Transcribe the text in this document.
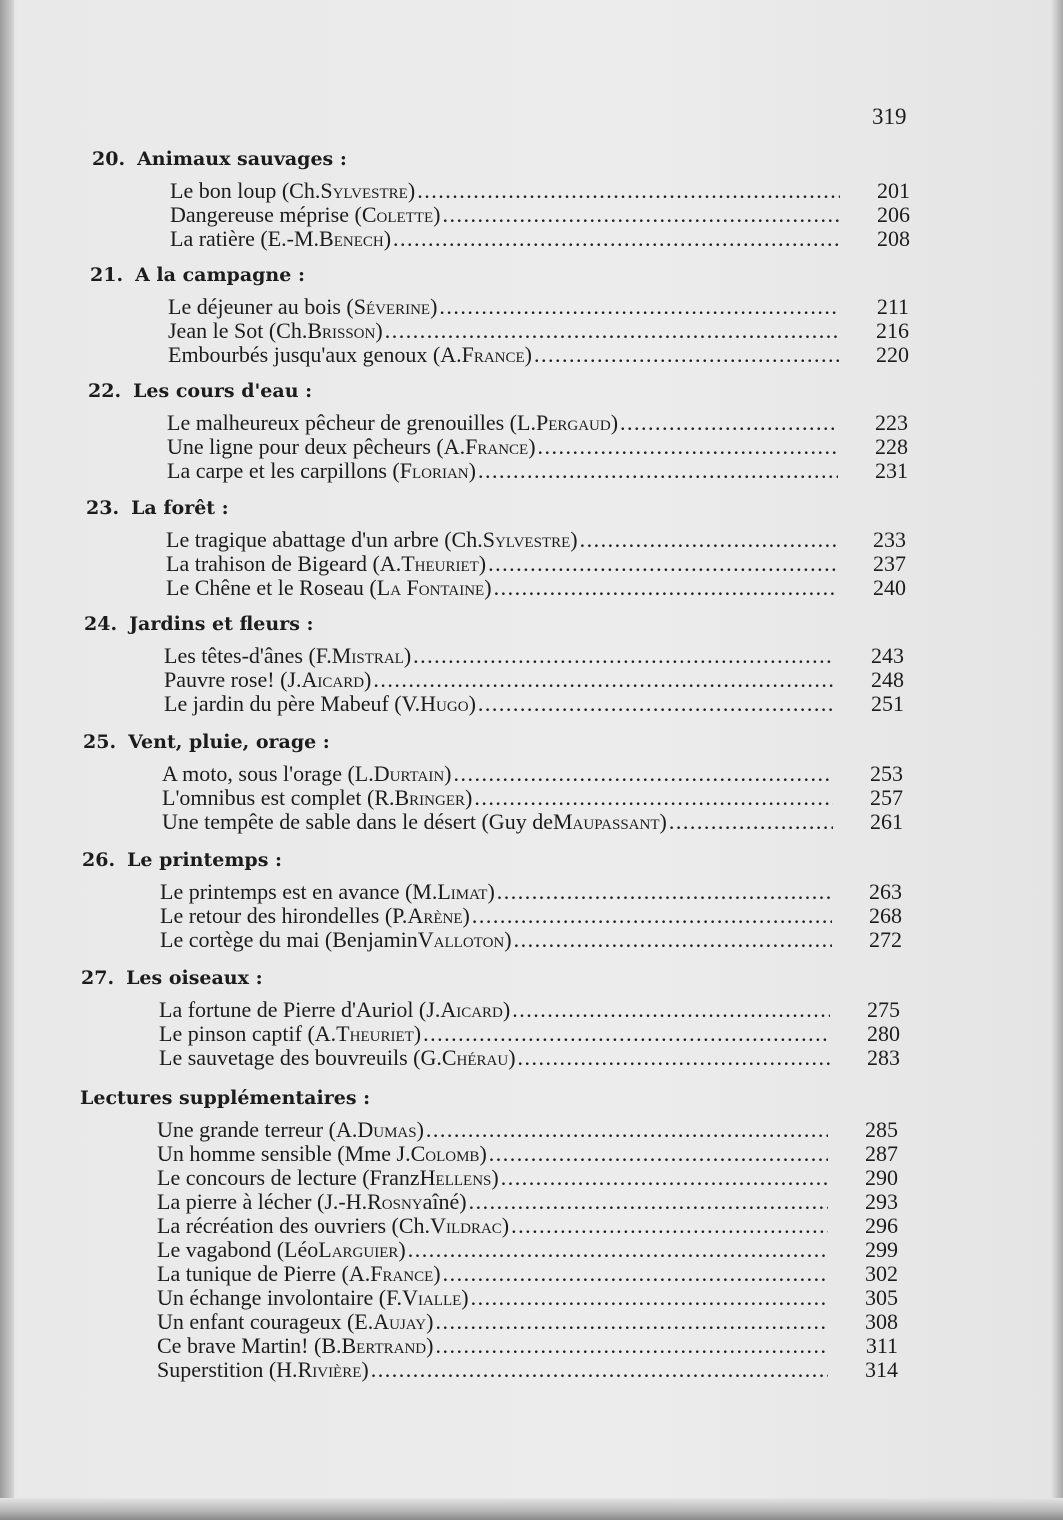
319
20. Animaux sauvages :
Le bon loup (Ch. Sylvestre ) . . .	201
Dangereuse méprise ( Colette ) . . .	206
La ratière (E.-M. Benech ) . . .	208
21. A la campagne :
Le déjeuner au bois ( Séverine ) . . .	211
Jean le Sot (Ch. Brisson ) . . .	216
Embourbés jusqu'aux genoux (A. France ) . . .	220
22. Les cours d'eau :
Le malheureux pêcheur de grenouilles (L. Pergaud ) . . .	223
Une ligne pour deux pêcheurs (A. France ) . . .	228
La carpe et les carpillons ( Florian ) . . .	231
23. La forêt :
Le tragique abattage d'un arbre (Ch. Sylvestre ) . . .	233
La trahison de Bigeard (A. Theuriet ) . . .	237
Le Chêne et le Roseau ( La Fontaine ) . . .	240
24. Jardins et fleurs :
Les têtes-d'ânes (F. Mistral ) . . .	243
Pauvre rose! (J. Aicard ) . . .	248
Le jardin du père Mabeuf (V. Hugo ) . . .	251
25. Vent, pluie, orage :
A moto, sous l'orage (L. Durtain ) . . .	253
L'omnibus est complet (R. Bringer ) . . .	257
Une tempête de sable dans le désert (Guy de Maupassant ) . . .	261
26. Le printemps :
Le printemps est en avance (M. Limat ) . . .	263
Le retour des hirondelles (P. Arène ) . . .	268
Le cortège du mai (Benjamin Valloton ) . . .	272
27. Les oiseaux :
La fortune de Pierre d'Auriol (J. Aicard ) . . .	275
Le pinson captif (A. Theuriet ) . . .	280
Le sauvetage des bouvreuils (G. Chérau ) . . .	283
Lectures supplémentaires :
Une grande terreur (A. Dumas ) . . .	285
Un homme sensible (Mme J. Colomb ) . . .	287
Le concours de lecture (Franz Hellens ) . . .	290
La pierre à lécher (J.-H. Rosny aîné) . . .	293
La récréation des ouvriers (Ch. Vildrac ) . . .	296
Le vagabond (Léo Larguier ) . . .	299
La tunique de Pierre (A. France ) . . .	302
Un échange involontaire (F. Vialle ) . . .	305
Un enfant courageux (E. Aujay ) . . .	308
Ce brave Martin! (B. Bertrand ) . . .	311
Superstition (H. Rivière ) . . .	314
